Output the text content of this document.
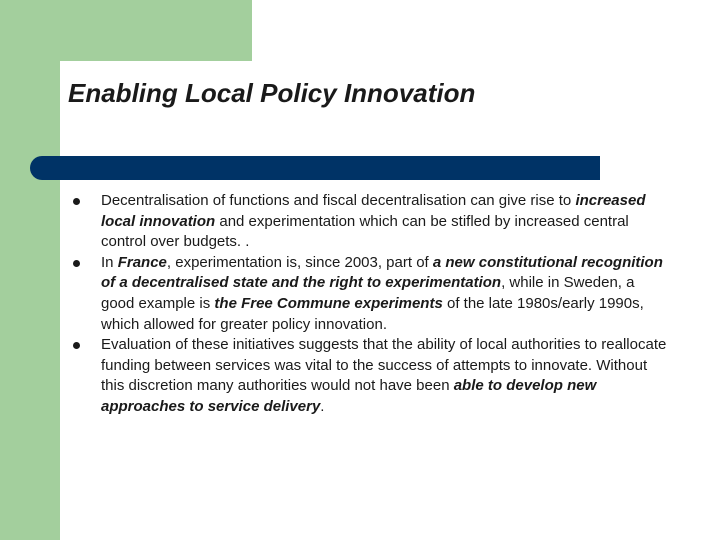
Enabling Local Policy Innovation
Decentralisation of functions and fiscal decentralisation can give rise to increased local innovation and experimentation which can be stifled by increased central control over budgets. .
In France, experimentation is, since 2003, part of a new constitutional recognition of a decentralised state and the right to experimentation, while in Sweden, a good example is the Free Commune experiments of the late 1980s/early 1990s, which allowed for greater policy innovation.
Evaluation of these initiatives suggests that the ability of local authorities to reallocate funding between services was vital to the success of attempts to innovate. Without this discretion many authorities would not have been able to develop new approaches to service delivery.
